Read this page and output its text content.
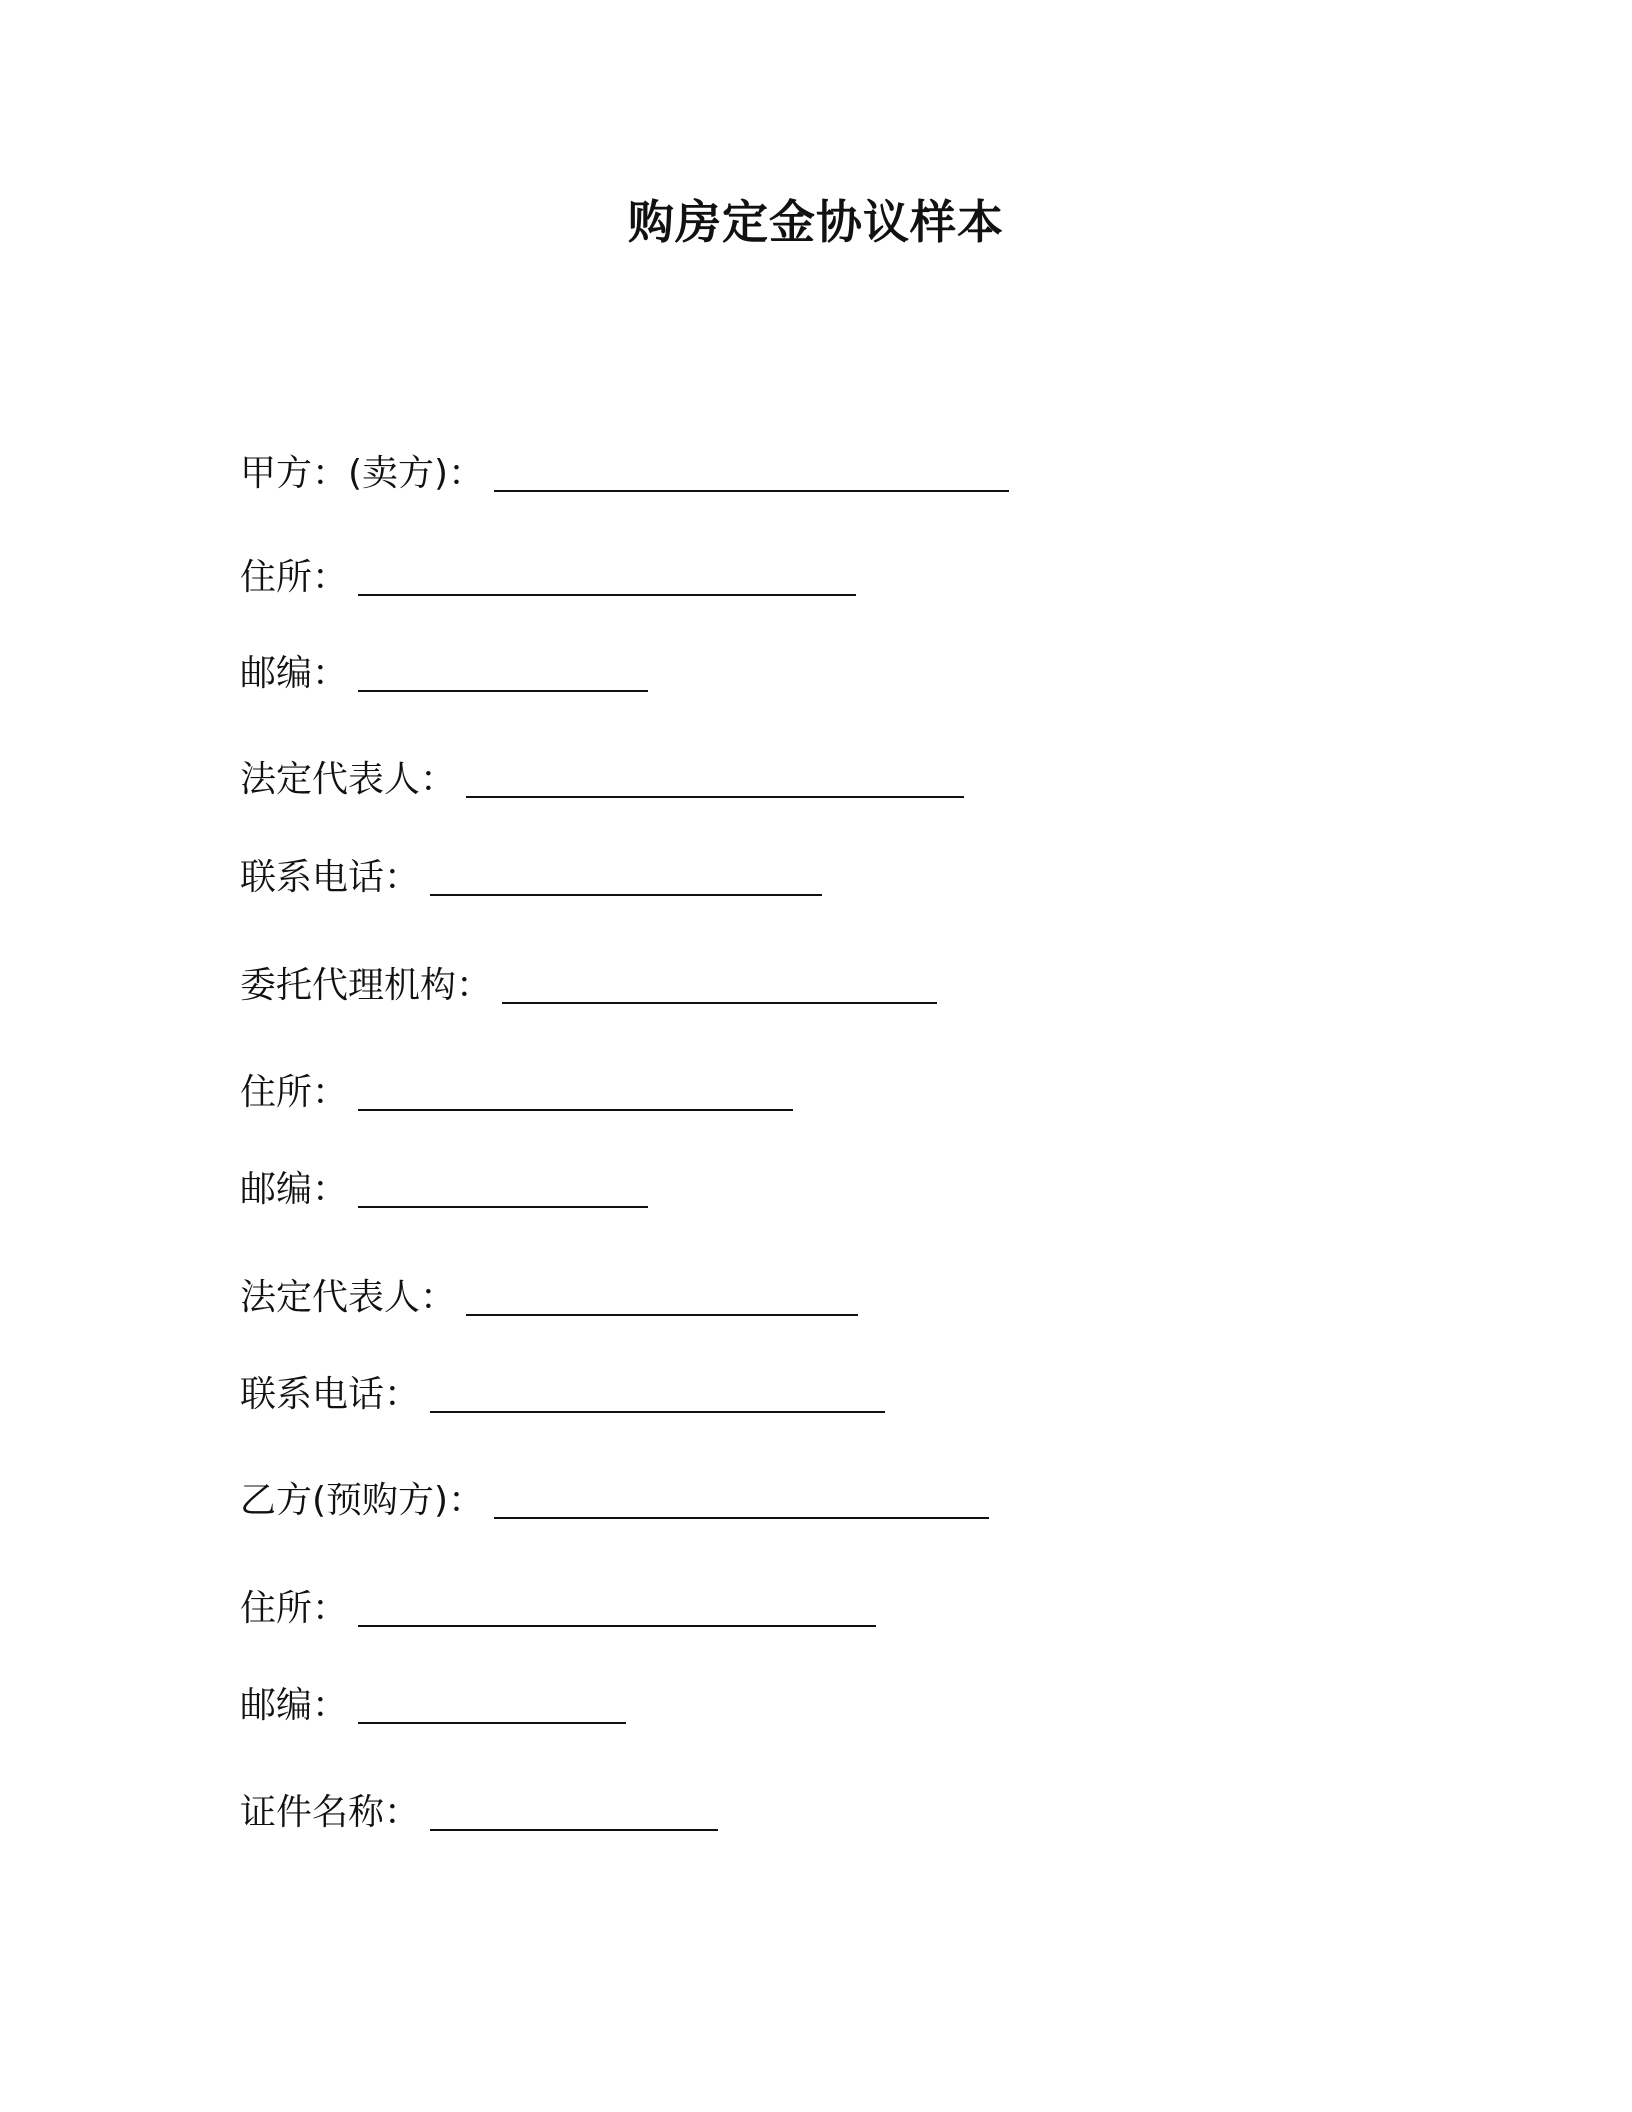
购房定金协议样本
甲方：(卖方)：
住所：
邮编：
法定代表人：
联系电话：
委托代理机构：
住所：
邮编：
法定代表人：
联系电话：
乙方(预购方)：
住所：
邮编：
证件名称：
